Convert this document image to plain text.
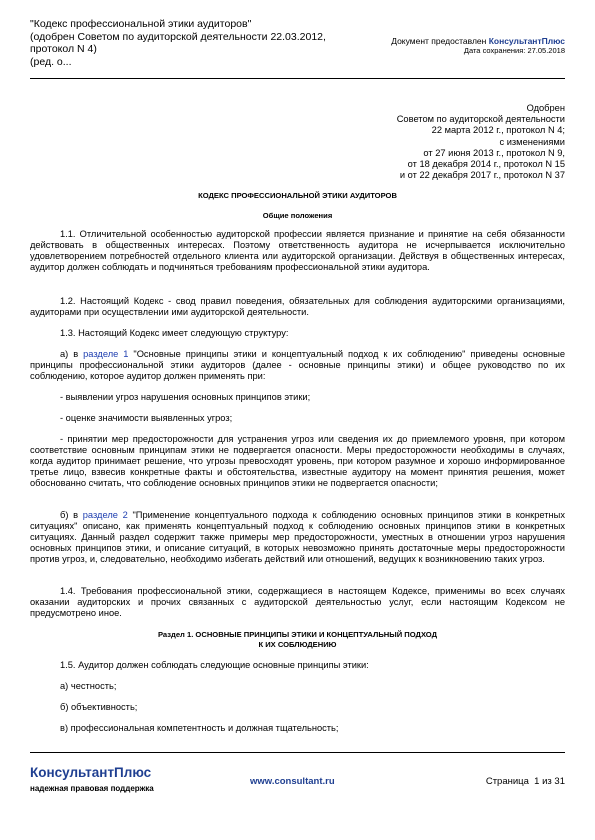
"Кодекс профессиональной этики аудиторов"
(одобрен Советом по аудиторской деятельности 22.03.2012,
протокол N 4)
(ред. о...
Документ предоставлен КонсультантПлюс
Дата сохранения: 27.05.2018
Одобрен
Советом по аудиторской деятельности
22 марта 2012 г., протокол N 4;
с изменениями
от 27 июня 2013 г., протокол N 9,
от 18 декабря 2014 г., протокол N 15
и от 22 декабря 2017 г., протокол N 37
КОДЕКС ПРОФЕССИОНАЛЬНОЙ ЭТИКИ АУДИТОРОВ
Общие положения
1.1. Отличительной особенностью аудиторской профессии является признание и принятие на себя обязанности действовать в общественных интересах. Поэтому ответственность аудитора не исчерпывается исключительно удовлетворением потребностей отдельного клиента или аудиторской организации. Действуя в общественных интересах, аудитор должен соблюдать и подчиняться требованиям профессиональной этики аудитора.
1.2. Настоящий Кодекс - свод правил поведения, обязательных для соблюдения аудиторскими организациями, аудиторами при осуществлении ими аудиторской деятельности.
1.3. Настоящий Кодекс имеет следующую структуру:
а) в разделе 1 "Основные принципы этики и концептуальный подход к их соблюдению" приведены основные принципы профессиональной этики аудиторов (далее - основные принципы этики) и общее руководство по их соблюдению, которое аудитор должен применять при:
- выявлении угроз нарушения основных принципов этики;
- оценке значимости выявленных угроз;
- принятии мер предосторожности для устранения угроз или сведения их до приемлемого уровня, при котором соответствие основным принципам этики не подвергается опасности. Меры предосторожности необходимы в случаях, когда аудитор принимает решение, что угрозы превосходят уровень, при котором разумное и хорошо информированное третье лицо, взвесив конкретные факты и обстоятельства, известные аудитору на момент принятия решения, может обоснованно считать, что соблюдение основных принципов этики не подвергается опасности;
б) в разделе 2 "Применение концептуального подхода к соблюдению основных принципов этики в конкретных ситуациях" описано, как применять концептуальный подход к соблюдению основных принципов этики в конкретных ситуациях. Данный раздел содержит также примеры мер предосторожности, уместных в отношении угроз нарушения основных принципов этики, и описание ситуаций, в которых невозможно принять достаточные меры предосторожности против угроз, и, следовательно, необходимо избегать действий или отношений, ведущих к возникновению таких угроз.
1.4. Требования профессиональной этики, содержащиеся в настоящем Кодексе, применимы во всех случаях оказании аудиторских и прочих связанных с аудиторской деятельностью услуг, если настоящим Кодексом не предусмотрено иное.
Раздел 1. ОСНОВНЫЕ ПРИНЦИПЫ ЭТИКИ И КОНЦЕПТУАЛЬНЫЙ ПОДХОД
К ИХ СОБЛЮДЕНИЮ
1.5. Аудитор должен соблюдать следующие основные принципы этики:
а) честность;
б) объективность;
в) профессиональная компетентность и должная тщательность;
КонсультантПлюс
надежная правовая поддержка
www.consultant.ru	Страница 1 из 31
